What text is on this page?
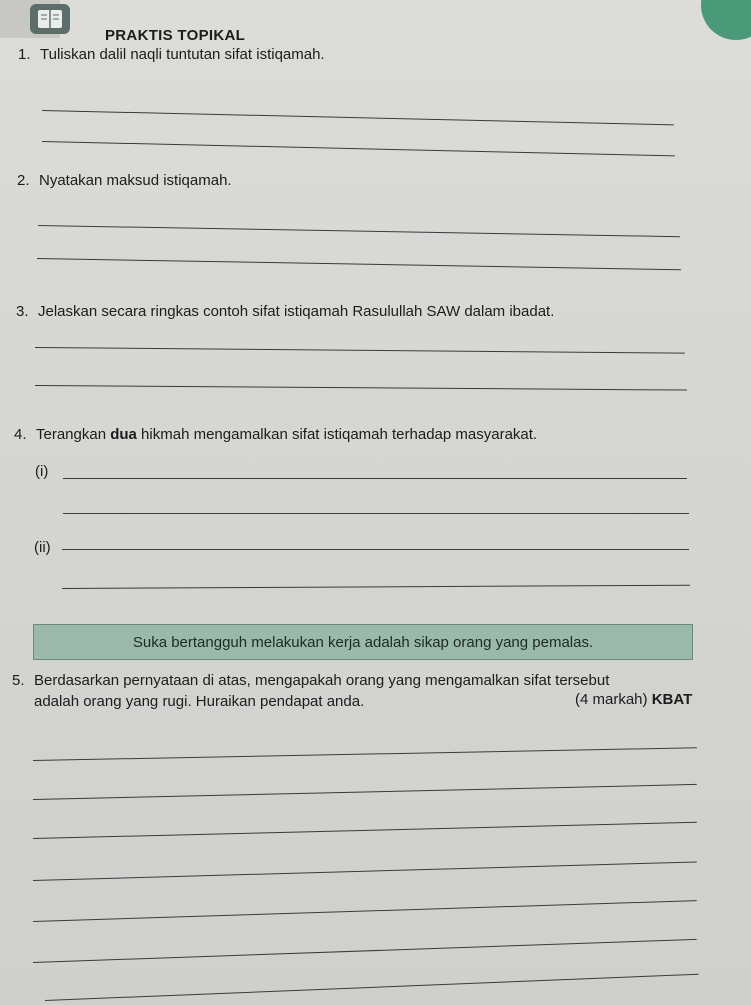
PRAKTIS TOPIKAL
1. Tuliskan dalil naqli tuntutan sifat istiqamah.
2. Nyatakan maksud istiqamah.
3. Jelaskan secara ringkas contoh sifat istiqamah Rasulullah SAW dalam ibadat.
4. Terangkan dua hikmah mengamalkan sifat istiqamah terhadap masyarakat.
(i)
(ii)
Suka bertangguh melakukan kerja adalah sikap orang yang pemalas.
5. Berdasarkan pernyataan di atas, mengapakah orang yang mengamalkan sifat tersebut
adalah orang yang rugi. Huraikan pendapat anda.	(4 markah) KBAT
